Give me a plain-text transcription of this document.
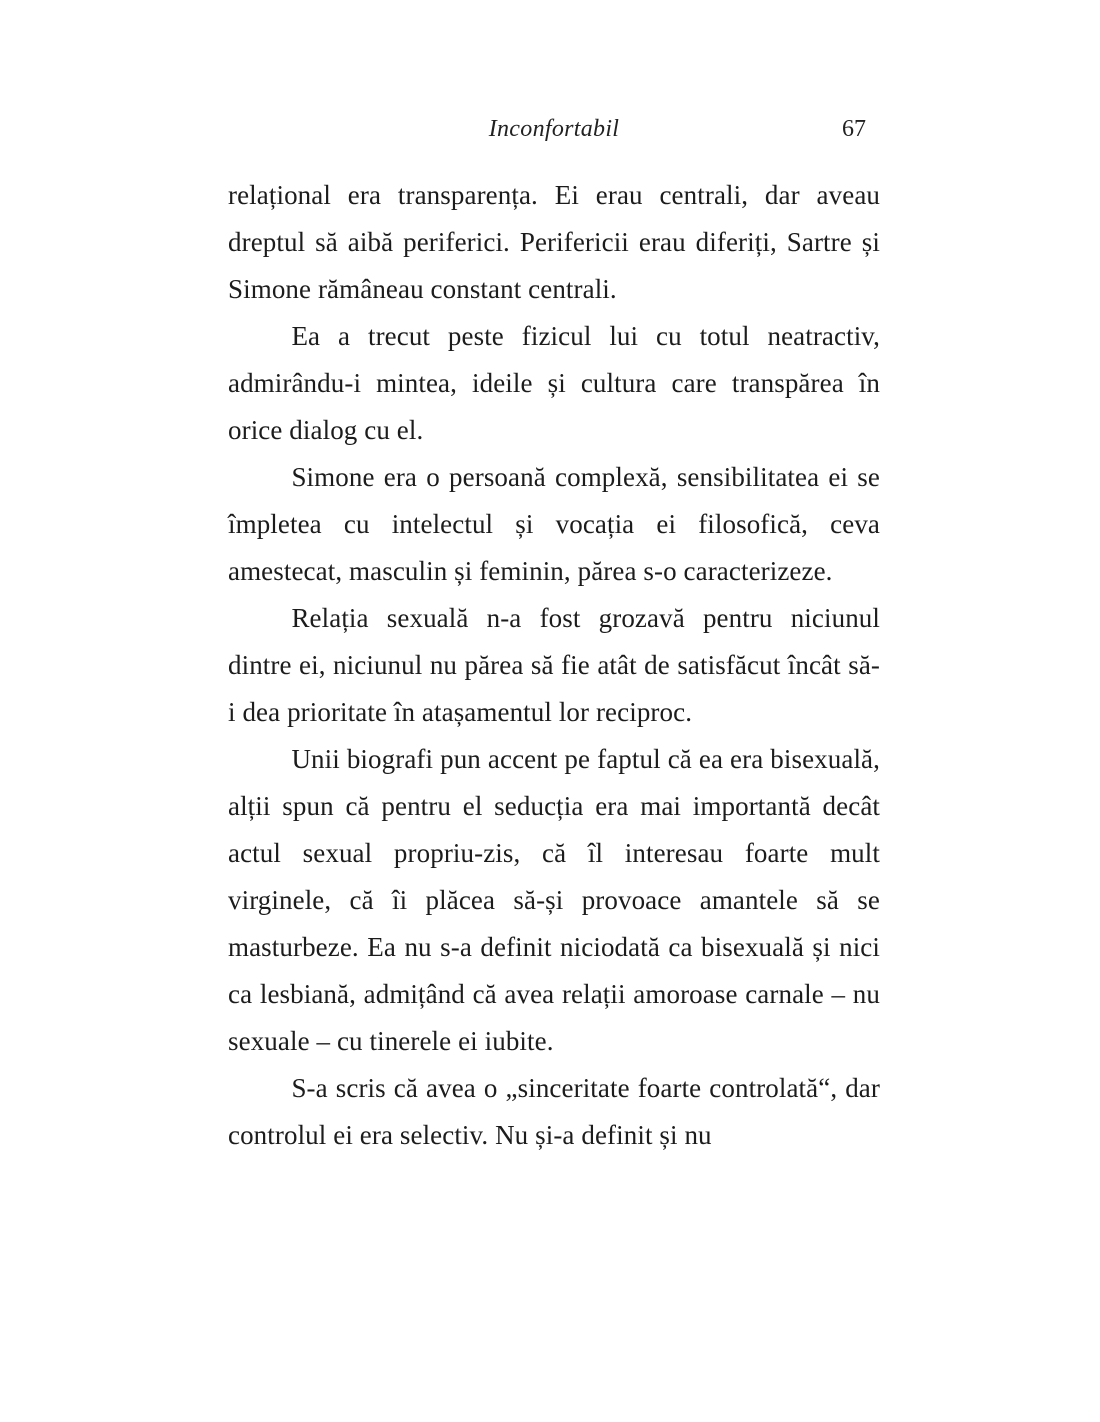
Inconfortabil	67

relațional era transparența. Ei erau centrali, dar aveau dreptul să aibă periferici. Perifericii erau diferiți, Sartre și Simone rămâneau constant centrali.

Ea a trecut peste fizicul lui cu totul neatractiv, admirându-i mintea, ideile și cultura care transpărea în orice dialog cu el.

Simone era o persoană complexă, sensibilitatea ei se împletea cu intelectul și vocația ei filosofică, ceva amestecat, masculin și feminin, părea s-o caracterizeze.

Relația sexuală n-a fost grozavă pentru niciunul dintre ei, niciunul nu părea să fie atât de satisfăcut încât să-i dea prioritate în atașamentul lor reciproc.

Unii biografi pun accent pe faptul că ea era bisexuală, alții spun că pentru el seducția era mai importantă decât actul sexual propriu-zis, că îl interesau foarte mult virginele, că îi plăcea să-și provoace amantele să se masturbeze. Ea nu s-a definit niciodată ca bisexuală și nici ca lesbiană, admițând că avea relații amoroase carnale – nu sexuale – cu tinerele ei iubite.

S-a scris că avea o „sinceritate foarte controlată“, dar controlul ei era selectiv. Nu și-a definit și nu
